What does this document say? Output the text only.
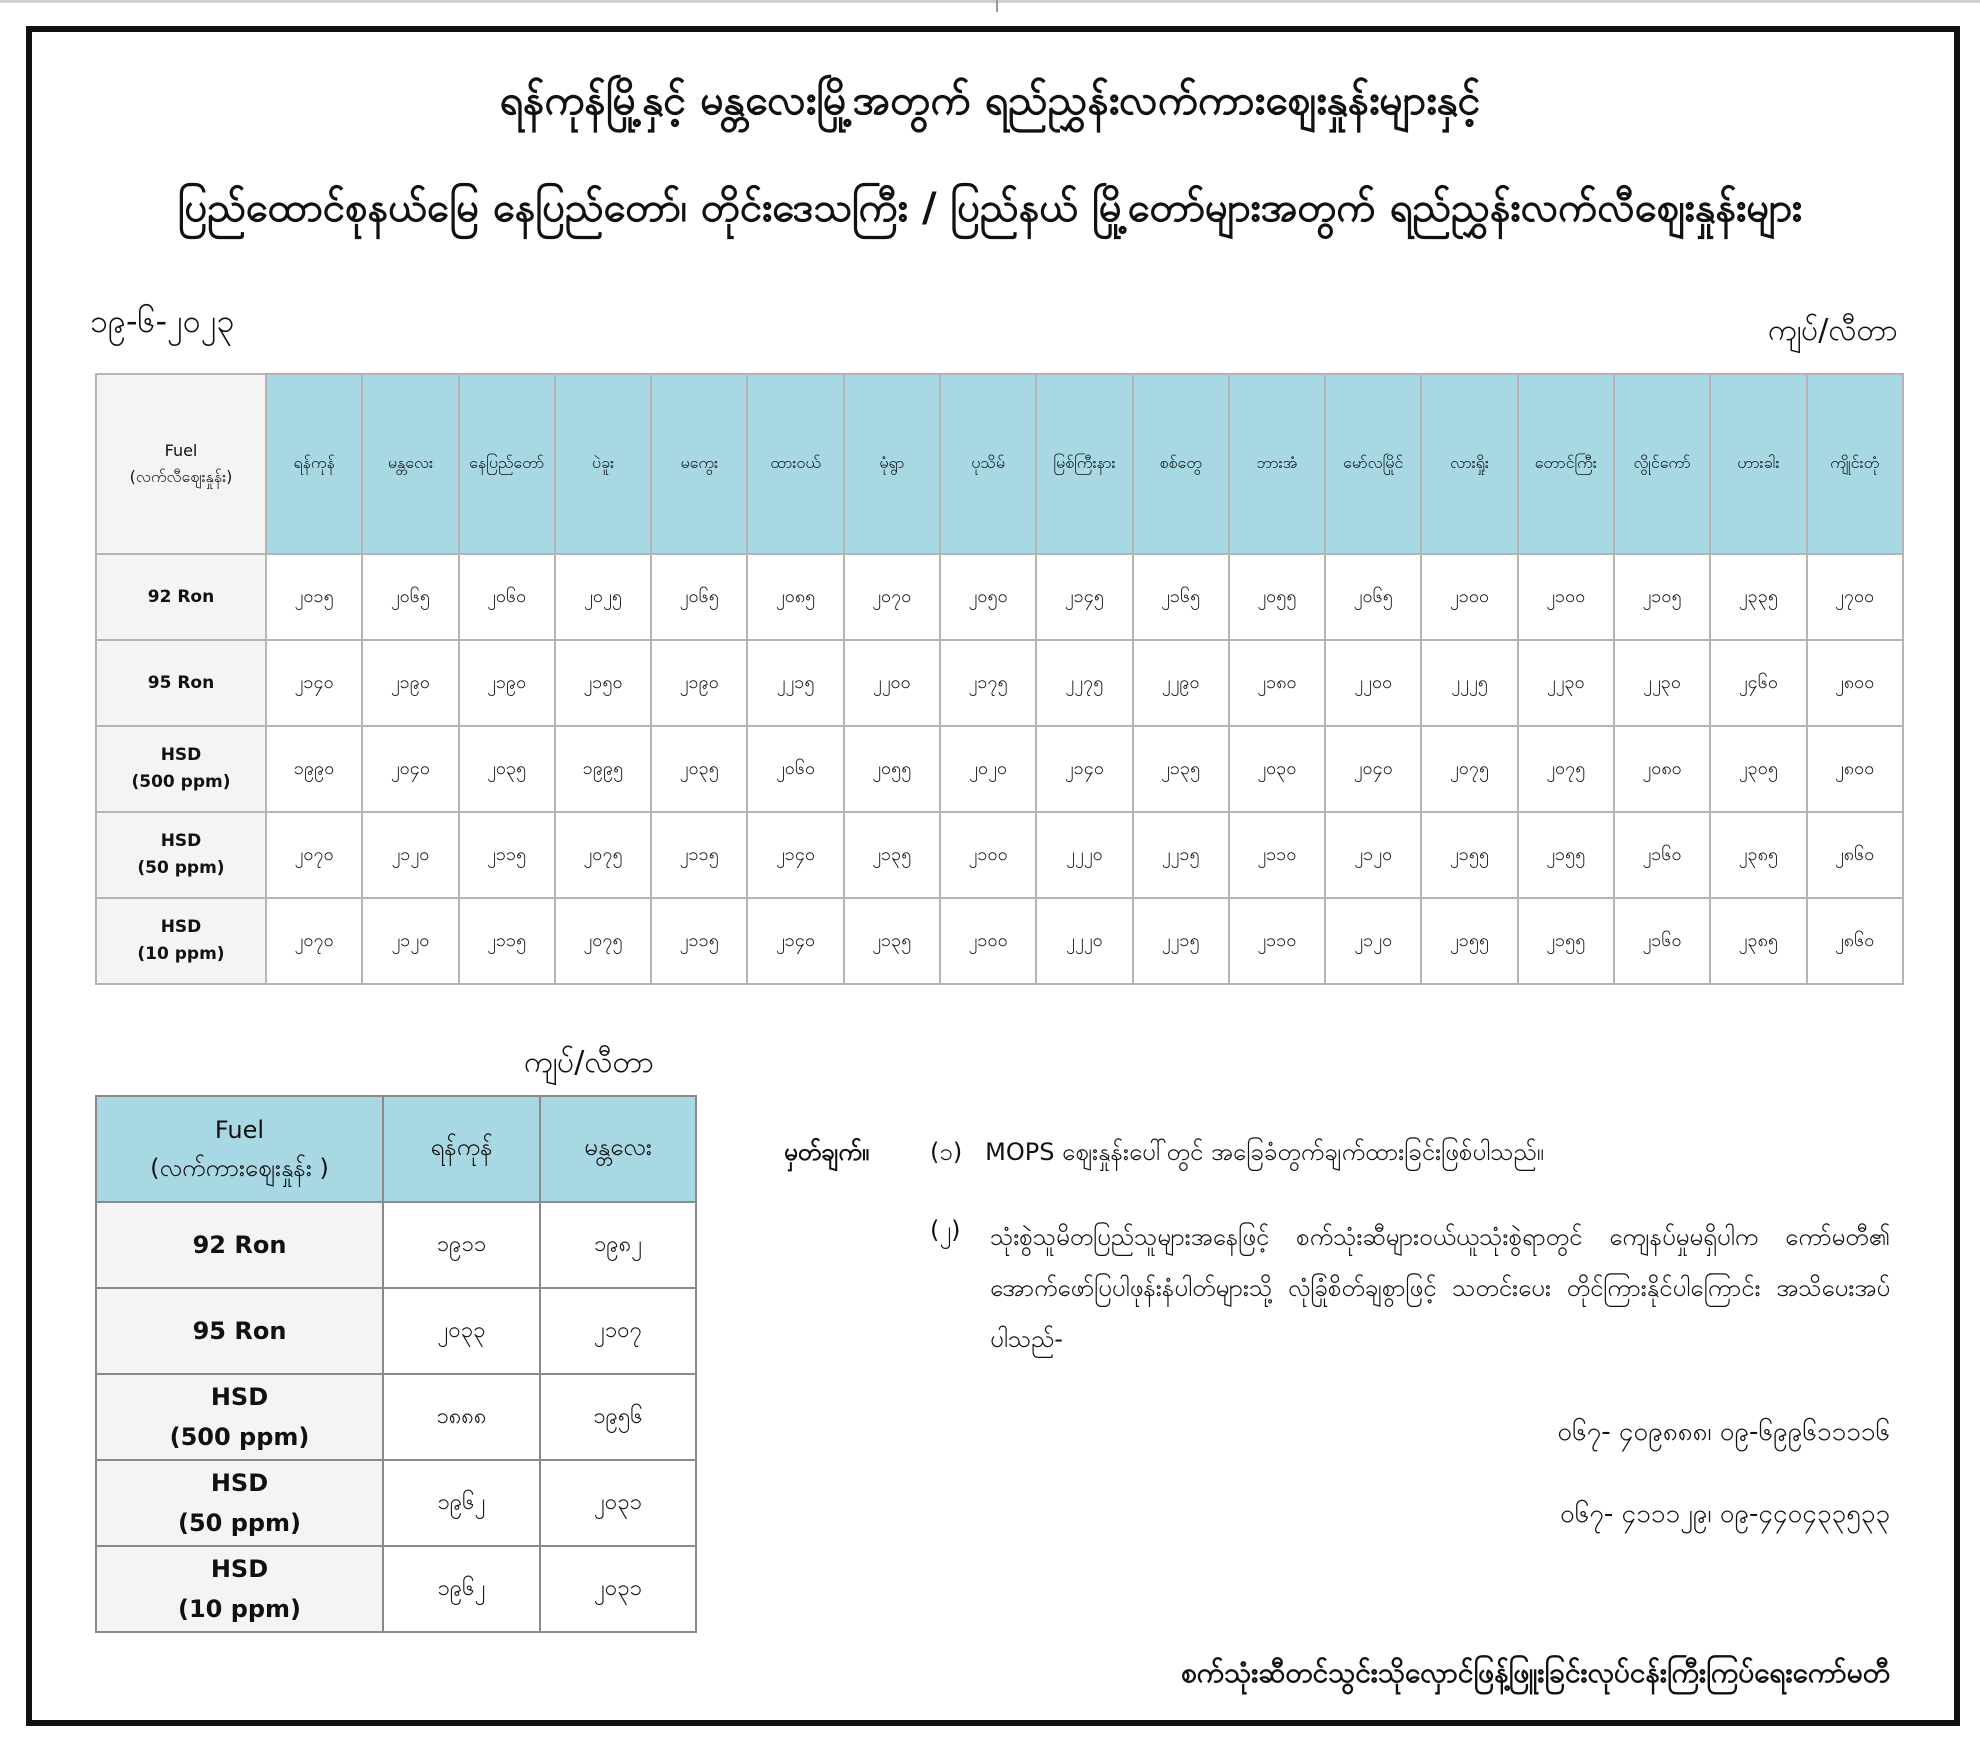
ရန်ကုန်မြို့နှင့် မန္တလေးမြို့အတွက် ရည်ညွှန်းလက်ကားဈေးနှုန်းများနှင့်
ပြည်ထောင်စုနယ်မြေ နေပြည်တော်၊ တိုင်းဒေသကြီး / ပြည်နယ် မြို့တော်များအတွက် ရည်ညွှန်းလက်လီဈေးနှုန်းများ
၁၉-၆-၂၀၂၃	ကျပ်/လီတာ
Fuel
(လက်လီဈေးနှုန်း)	ရန်ကုန်	မန္တလေး	နေပြည်တော်	ပဲခူး	မကွေး	ထားဝယ်	မုံရွာ	ပုသိမ်	မြစ်ကြီးနား	စစ်တွေ	ဘားအံ	မော်လမြိုင်	လားရှိုး	တောင်ကြီး	လွိုင်ကော်	ဟားခါး	ကျိုင်းတုံ
92 Ron	၂၀၁၅	၂၀၆၅	၂၀၆၀	၂၀၂၅	၂၀၆၅	၂၀၈၅	၂၀၇၀	၂၀၅၀	၂၁၄၅	၂၁၆၅	၂၀၅၅	၂၀၆၅	၂၁၀၀	၂၁၀၀	၂၁၀၅	၂၃၃၅	၂၇၀၀
95 Ron	၂၁၄၀	၂၁၉၀	၂၁၉၀	၂၁၅၀	၂၁၉၀	၂၂၁၅	၂၂၀၀	၂၁၇၅	၂၂၇၅	၂၂၉၀	၂၁၈၀	၂၂၀၀	၂၂၂၅	၂၂၃၀	၂၂၃၀	၂၄၆၀	၂၈၀၀
HSD
(500 ppm)	၁၉၉၀	၂၀၄၀	၂၀၃၅	၁၉၉၅	၂၀၃၅	၂၀၆၀	၂၀၅၅	၂၀၂၀	၂၁၄၀	၂၁၃၅	၂၀၃၀	၂၀၄၀	၂၀၇၅	၂၀၇၅	၂၀၈၀	၂၃၀၅	၂၈၀၀
HSD
(50 ppm)	၂၀၇၀	၂၁၂၀	၂၁၁၅	၂၀၇၅	၂၁၁၅	၂၁၄၀	၂၁၃၅	၂၁၀၀	၂၂၂၀	၂၂၁၅	၂၁၁၀	၂၁၂၀	၂၁၅၅	၂၁၅၅	၂၁၆၀	၂၃၈၅	၂၈၆၀
HSD
(10 ppm)	၂၀၇၀	၂၁၂၀	၂၁၁၅	၂၀၇၅	၂၁၁၅	၂၁၄၀	၂၁၃၅	၂၁၀၀	၂၂၂၀	၂၂၁၅	၂၁၁၀	၂၁၂၀	၂၁၅၅	၂၁၅၅	၂၁၆၀	၂၃၈၅	၂၈၆၀
ကျပ်/လီတာ
Fuel
(လက်ကားဈေးနှုန်း )	ရန်ကုန်	မန္တလေး
92 Ron	၁၉၁၁	၁၉၈၂
95 Ron	၂၀၃၃	၂၁၀၇
HSD
(500 ppm)	၁၈၈၈	၁၉၅၆
HSD
(50 ppm)	၁၉၆၂	၂၀၃၁
HSD
(10 ppm)	၁၉၆၂	၂၀၃၁
မှတ်ချက်။	(၁) MOPS ဈေးနှုန်းပေါ်တွင် အခြေခံတွက်ချက်ထားခြင်းဖြစ်ပါသည်။
(၂) သုံးစွဲသူမိတပြည်သူများအနေဖြင့် စက်သုံးဆီများဝယ်ယူသုံးစွဲရာတွင် ကျေနပ်မှုမရှိပါက ကော်မတီ၏ အောက်ဖော်ပြပါဖုန်းနံပါတ်များသို့ လုံခြုံစိတ်ချစွာဖြင့် သတင်းပေး တိုင်ကြားနိုင်ပါကြောင်း အသိပေးအပ်ပါသည်-
၀၆၇- ၄၀၉၈၈၈၊ ၀၉-၆၉၉၆၁၁၁၁၆
၀၆၇- ၄၁၁၁၂၉၊ ၀၉-၄၄၀၄၃၃၅၃၃
စက်သုံးဆီတင်သွင်းသိုလှောင်ဖြန့်ဖြူးခြင်းလုပ်ငန်းကြီးကြပ်ရေးကော်မတီ
